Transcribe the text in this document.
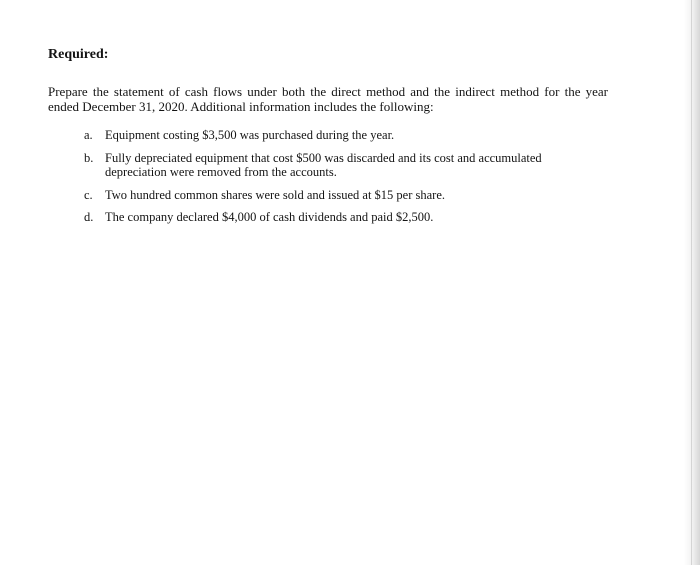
Required:

Prepare the statement of cash flows under both the direct method and the indirect method for the year ended December 31, 2020. Additional information includes the following:

a. Equipment costing $3,500 was purchased during the year.
b. Fully depreciated equipment that cost $500 was discarded and its cost and accumulated depreciation were removed from the accounts.
c. Two hundred common shares were sold and issued at $15 per share.
d. The company declared $4,000 of cash dividends and paid $2,500.
